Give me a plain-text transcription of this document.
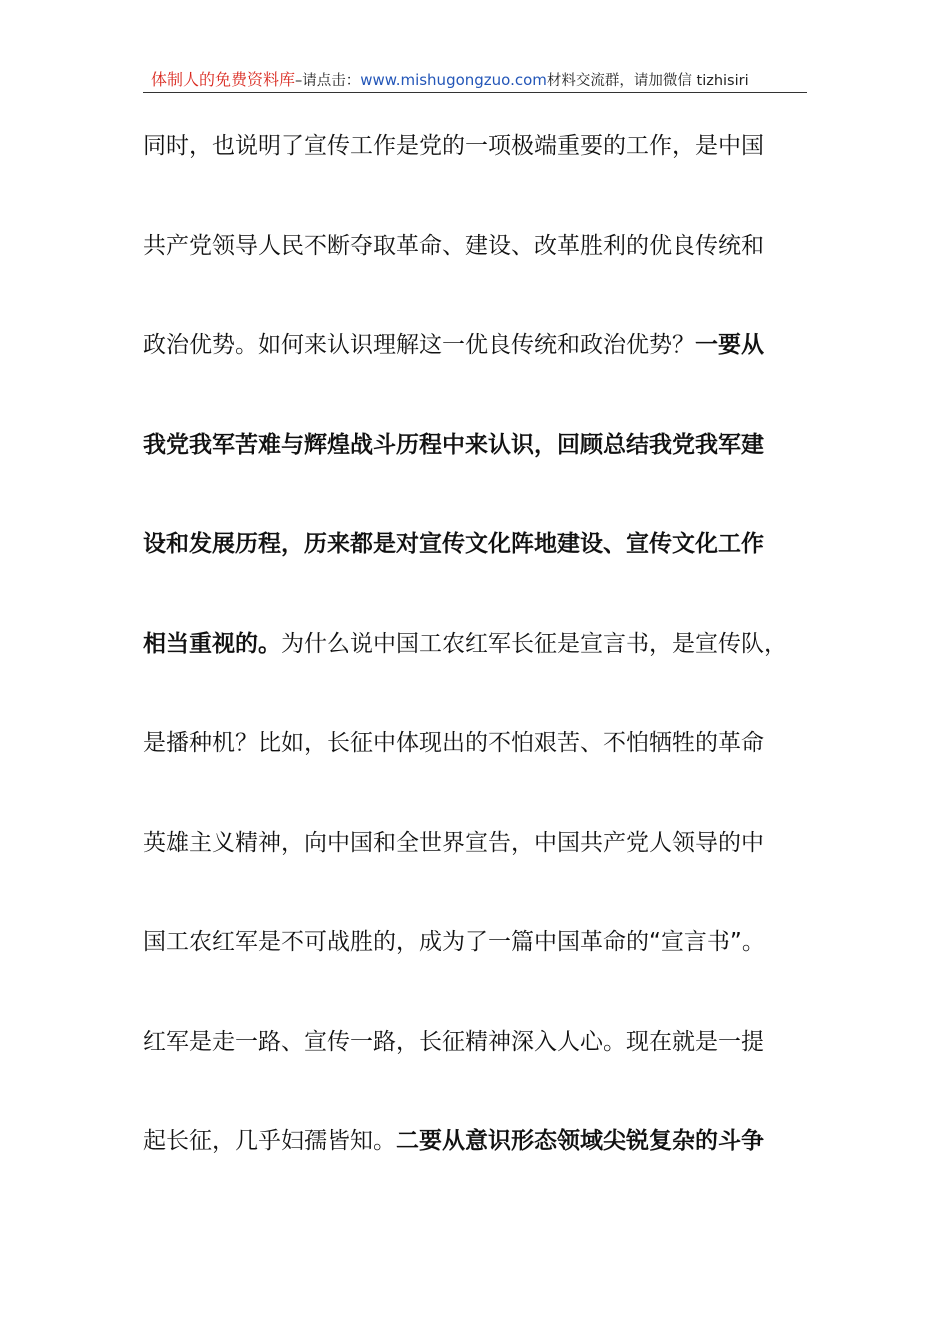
体制人的免费资料库–请点击：www.mishugongzuo.com材料交流群，请加微信 tizhisiri
同时，也说明了宣传工作是党的一项极端重要的工作，是中国
共产党领导人民不断夺取革命、建设、改革胜利的优良传统和
政治优势。如何来认识理解这一优良传统和政治优势？一要从
我党我军苦难与辉煌战斗历程中来认识，回顾总结我党我军建
设和发展历程，历来都是对宣传文化阵地建设、宣传文化工作
相当重视的。为什么说中国工农红军长征是宣言书，是宣传队，
是播种机？比如，长征中体现出的不怕艰苦、不怕牺牲的革命
英雄主义精神，向中国和全世界宣告，中国共产党人领导的中
国工农红军是不可战胜的，成为了一篇中国革命的“宣言书”。
红军是走一路、宣传一路，长征精神深入人心。现在就是一提
起长征，几乎妇孺皆知。二要从意识形态领域尖锐复杂的斗争
